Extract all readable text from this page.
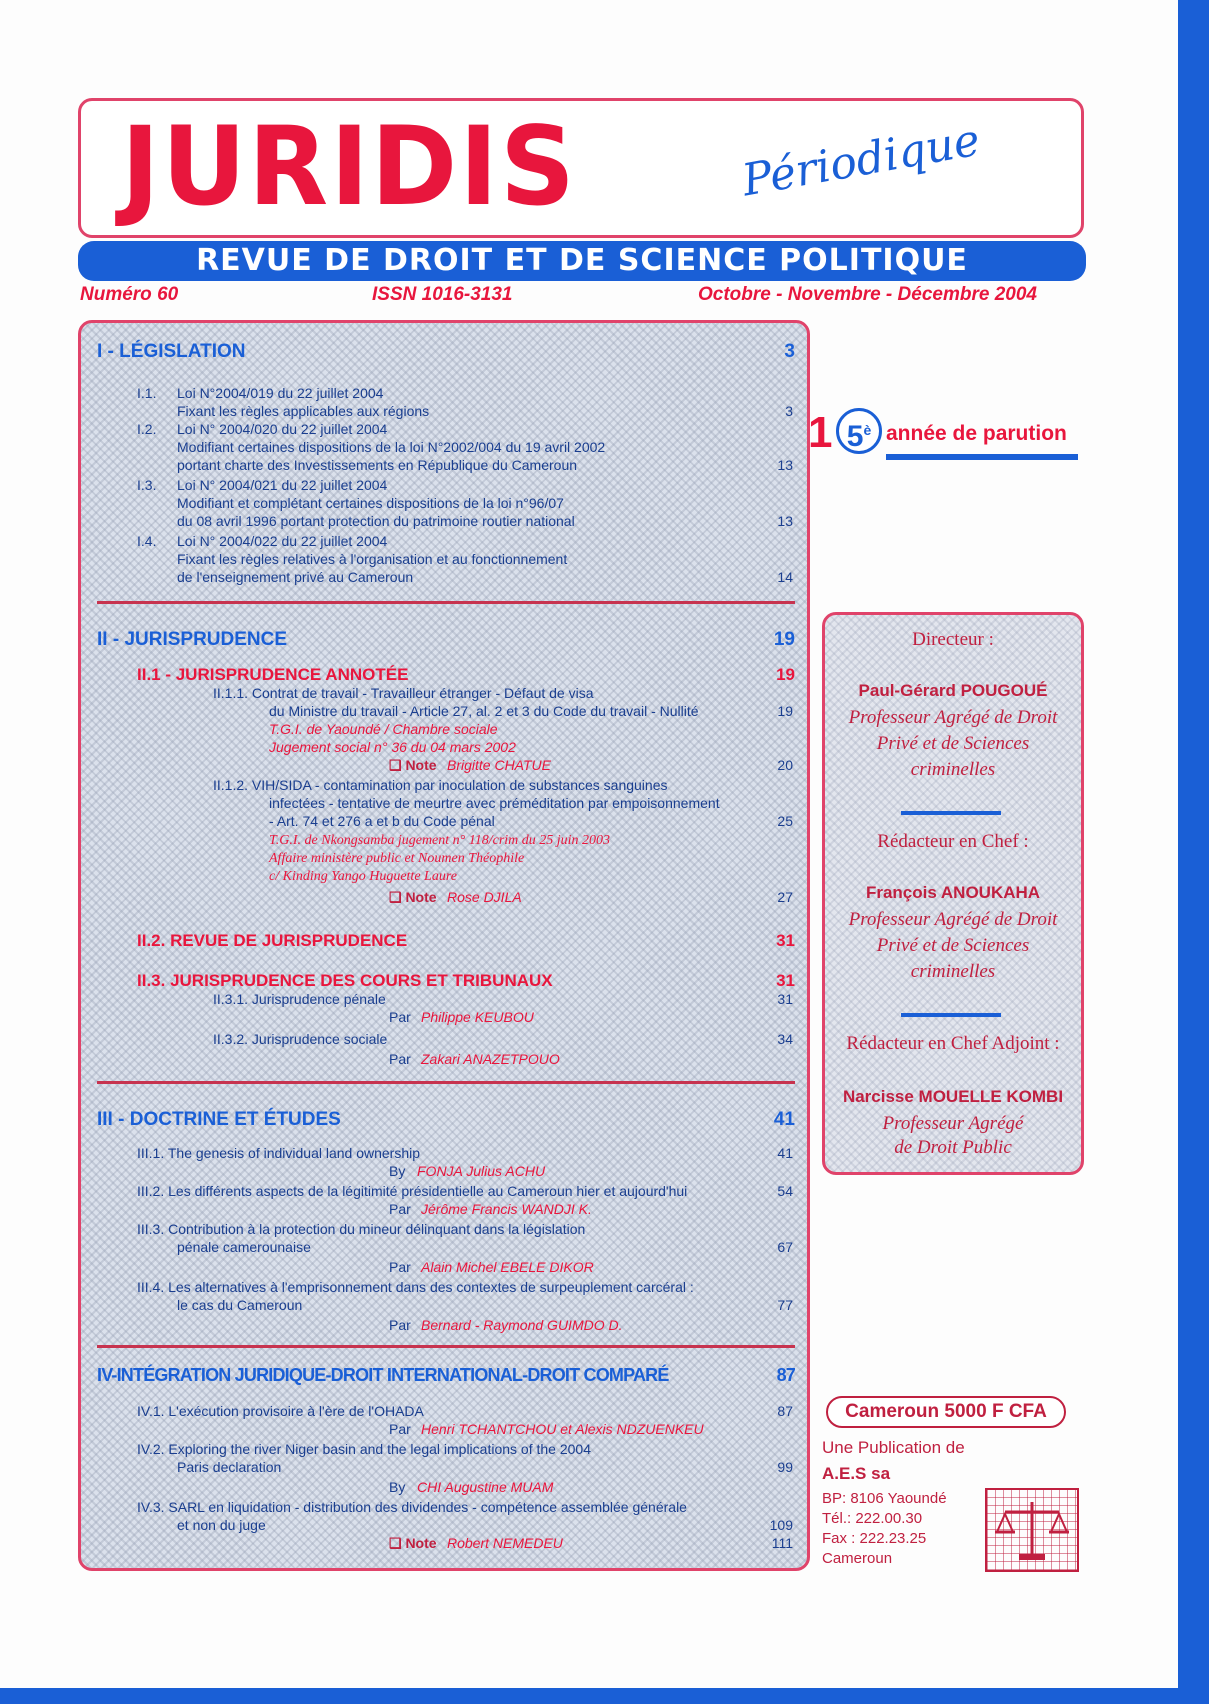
JURIDIS	Périodique
REVUE DE DROIT ET DE SCIENCE POLITIQUE
Numéro 60	ISSN 1016-3131	Octobre - Novembre - Décembre 2004
I - LÉGISLATION	3
I.1. Loi N°2004/019 du 22 juillet 2004
Fixant les règles applicables aux régions	3
I.2. Loi N° 2004/020 du 22 juillet 2004
Modifiant certaines dispositions de la loi N°2002/004 du 19 avril 2002
portant charte des Investissements en République du Cameroun	13
I.3. Loi N° 2004/021 du 22 juillet 2004
Modifiant et complétant certaines dispositions de la loi n°96/07
du 08 avril 1996 portant protection du patrimoine routier national	13
I.4. Loi N° 2004/022 du 22 juillet 2004
Fixant les règles relatives à l'organisation et au fonctionnement
de l'enseignement privé au Cameroun	14
II - JURISPRUDENCE	19
II.1 - JURISPRUDENCE ANNOTÉE	19
II.1.1. Contrat de travail - Travailleur étranger - Défaut de visa
du Ministre du travail - Article 27, al. 2 et 3 du Code du travail - Nullité	19
T.G.I. de Yaoundé / Chambre sociale
Jugement social n° 36 du 04 mars 2002
❑ Note Brigitte CHATUE	20
II.1.2. VIH/SIDA - contamination par inoculation de substances sanguines
infectées - tentative de meurtre avec préméditation par empoisonnement
- Art. 74 et 276 a et b du Code pénal	25
T.G.I. de Nkongsamba jugement n° 118/crim du 25 juin 2003
Affaire ministère public et Noumen Théophile
c/ Kinding Yango Huguette Laure
❑ Note Rose DJILA	27
II.2. REVUE DE JURISPRUDENCE	31
II.3. JURISPRUDENCE DES COURS ET TRIBUNAUX	31
II.3.1. Jurisprudence pénale	31
Par Philippe KEUBOU
II.3.2. Jurisprudence sociale	34
Par Zakari ANAZETPOUO
III - DOCTRINE ET ÉTUDES	41
III.1. The genesis of individual land ownership	41
By FONJA Julius ACHU
III.2. Les différents aspects de la légitimité présidentielle au Cameroun hier et aujourd'hui	54
Par Jérôme Francis WANDJI K.
III.3. Contribution à la protection du mineur délinquant dans la législation
pénale camerounaise	67
Par Alain Michel EBELE DIKOR
III.4. Les alternatives à l'emprisonnement dans des contextes de surpeuplement carcéral :
le cas du Cameroun	77
Par Bernard - Raymond GUIMDO D.
IV-INTÉGRATION JURIDIQUE-DROIT INTERNATIONAL-DROIT COMPARÉ	87
IV.1. L'exécution provisoire à l'ère de l'OHADA	87
Par Henri TCHANTCHOU et Alexis NDZUENKEU
IV.2. Exploring the river Niger basin and the legal implications of the 2004
Paris declaration	99
By CHI Augustine MUAM
IV.3. SARL en liquidation - distribution des dividendes - compétence assemblée générale
et non du juge	109
❑ Note Robert NEMEDEU	111
1 $5^è$ année de parution
Directeur :
Paul-Gérard POUGOUÉ
Professeur Agrégé de Droit
Privé et de Sciences
criminelles
Rédacteur en Chef :
François ANOUKAHA
Professeur Agrégé de Droit
Privé et de Sciences
criminelles
Rédacteur en Chef Adjoint :
Narcisse MOUELLE KOMBI
Professeur Agrégé
de Droit Public
Cameroun 5000 F CFA
Une Publication de
A.E.S sa
BP: 8106 Yaoundé
Tél.: 222.00.30
Fax : 222.23.25
Cameroun
